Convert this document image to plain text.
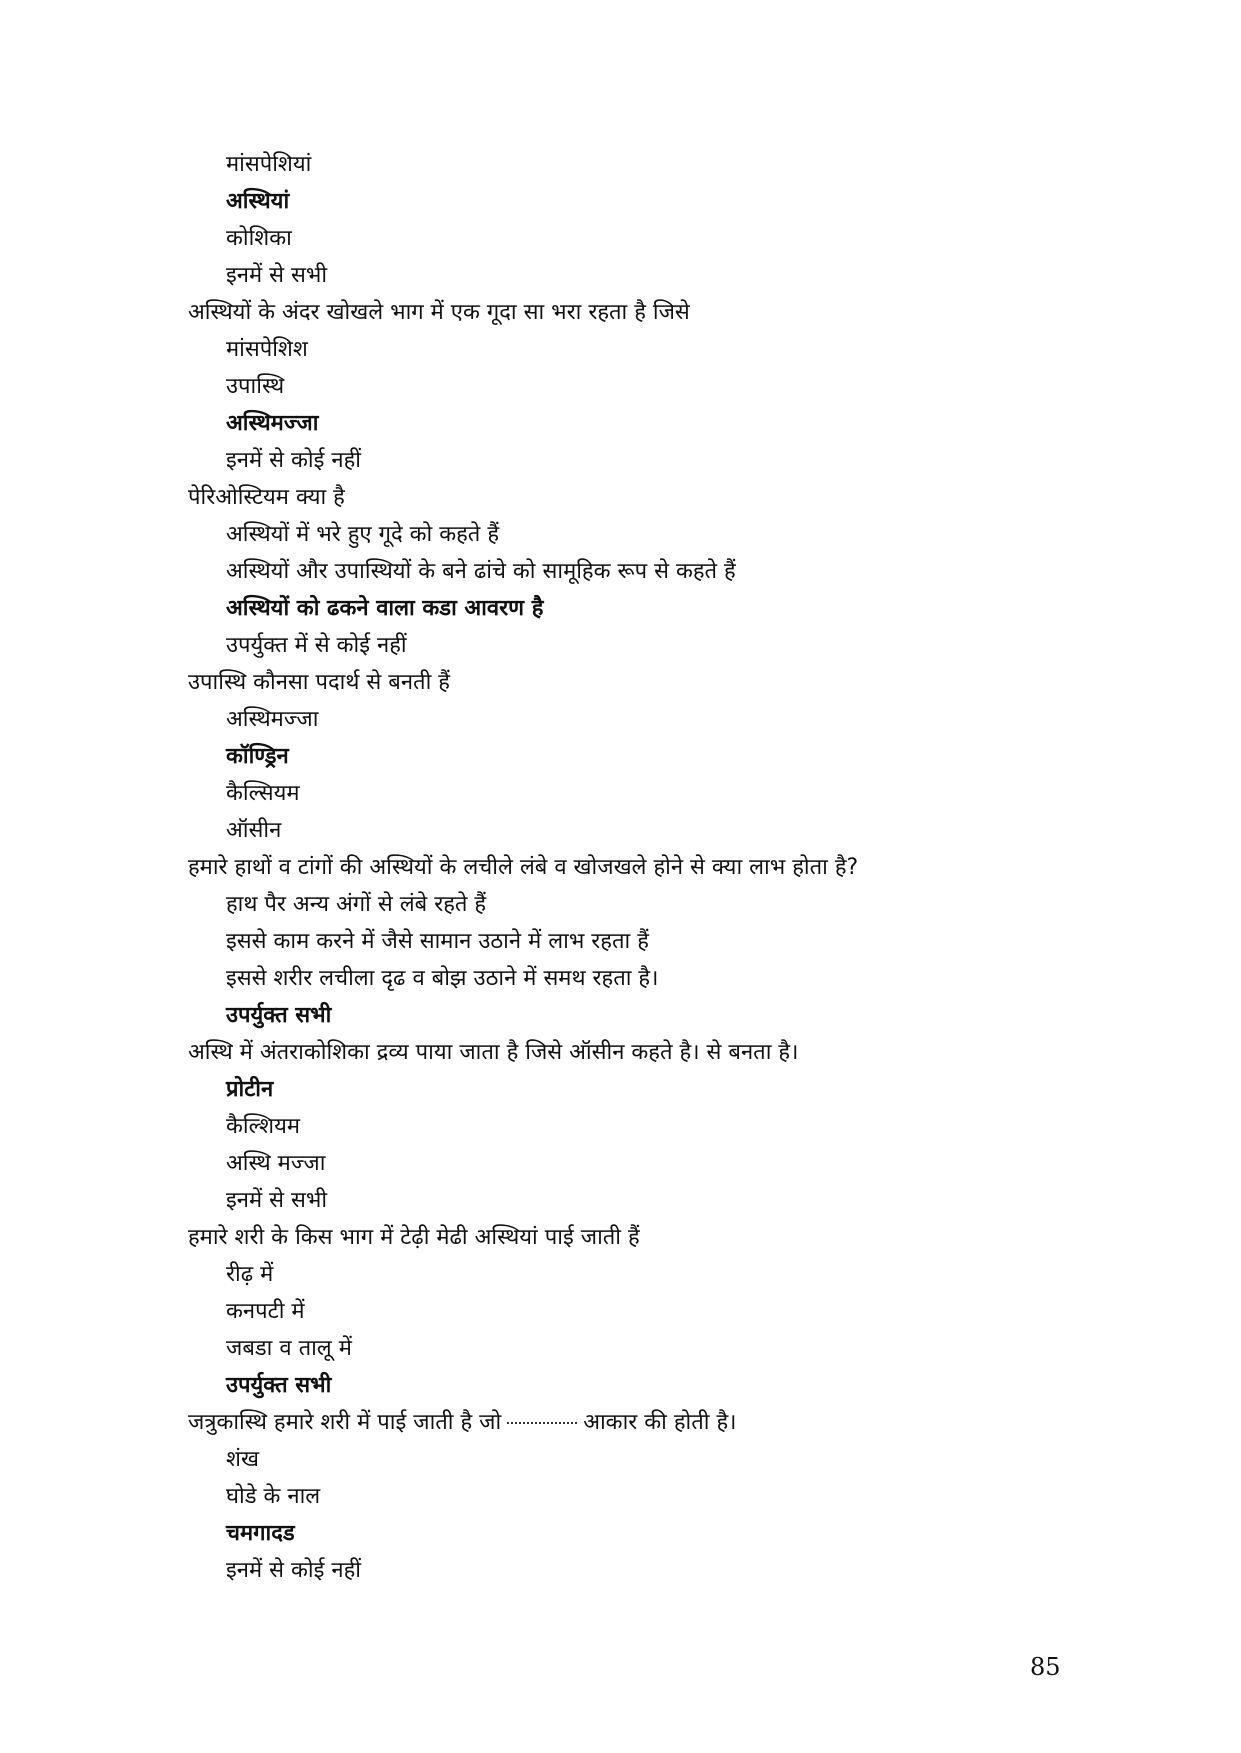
मांसपेशियां
अस्थियां
कोशिका
इनमें से सभी
अस्थियों के अंदर खोखले भाग में एक गूदा सा भरा रहता है जिसे
मांसपेशिश
उपास्थि
अस्थिमज्जा
इनमें से कोई नहीं
पेरिओस्टियम क्या है
अस्थियों में भरे हुए गूदे को कहते हैं
अस्थियों और उपास्थियों के बने ढांचे को सामूहिक रूप से कहते हैं
अस्थियों को ढकने वाला कडा आवरण है
उपर्युक्त में से कोई नहीं
उपास्थि कौनसा पदार्थ से बनती हैं
अस्थिमज्जा
कॉण्ड्रिन
कैल्सियम
ऑसीन
हमारे हाथों व टांगों की अस्थियों के लचीले लंबे व खोजखले होने से क्या लाभ होता है?
हाथ पैर अन्य अंगों से लंबे रहते हैं
इससे काम करने में जैसे सामान उठाने में लाभ रहता हैं
इससे शरीर लचीला दृढ व बोझ उठाने में समथ रहता है।
उपर्युक्त सभी
अस्थि में अंतराकोशिका द्रव्य पाया जाता है जिसे ऑसीन कहते है। से बनता है।
प्रोटीन
कैल्शियम
अस्थि मज्जा
इनमें से सभी
हमारे शरी के किस भाग में टेढ़ी मेढी अस्थियां पाई जाती हैं
रीढ़ में
कनपटी में
जबडा व तालू में
उपर्युक्त सभी
जत्रुकास्थि हमारे शरी में पाई जाती है जो	आकार की होती है।
शंख
घोडे के नाल
चमगादड
इनमें से कोई नहीं
85
